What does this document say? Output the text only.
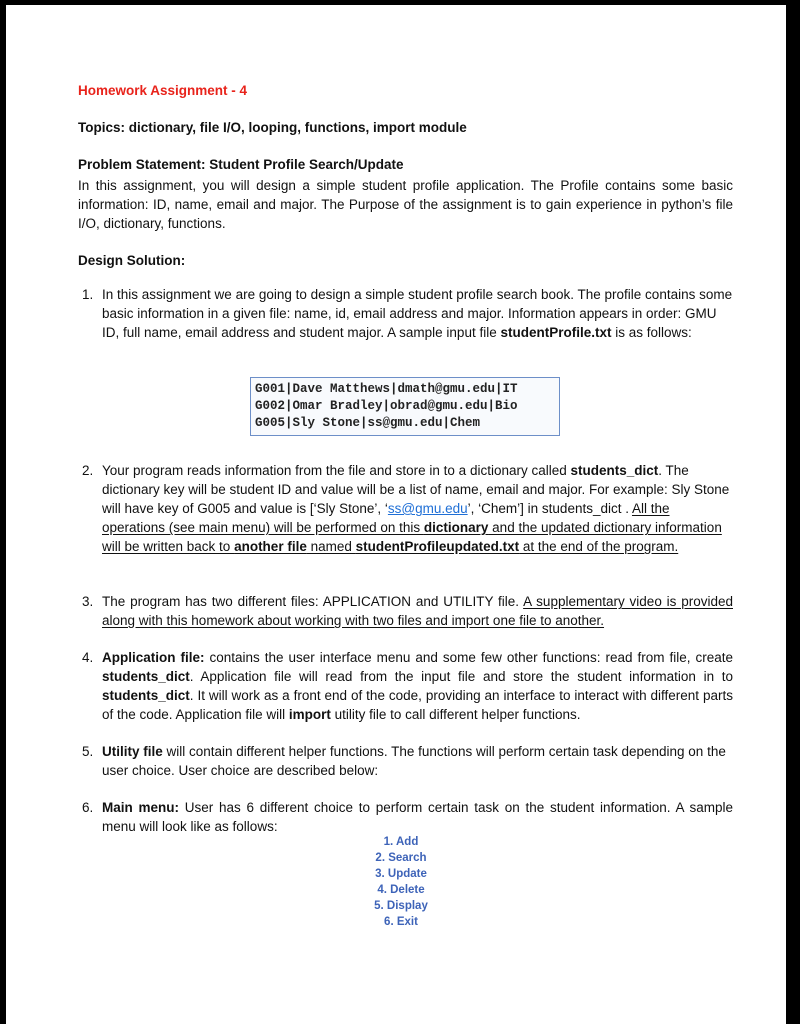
Homework Assignment - 4
Topics: dictionary, file I/O, looping, functions, import module
Problem Statement: Student Profile Search/Update
In this assignment, you will design a simple student profile application. The Profile contains some basic information: ID, name, email and major. The Purpose of the assignment is to gain experience in python’s file I/O, dictionary, functions.
Design Solution:
1. In this assignment we are going to design a simple student profile search book. The profile contains some basic information in a given file: name, id, email address and major. Information appears in order: GMU ID, full name, email address and student major. A sample input file studentProfile.txt is as follows:
G001|Dave Matthews|dmath@gmu.edu|IT
G002|Omar Bradley|obrad@gmu.edu|Bio
G005|Sly Stone|ss@gmu.edu|Chem
2. Your program reads information from the file and store in to a dictionary called students_dict. The dictionary key will be student ID and value will be a list of name, email and major. For example: Sly Stone will have key of G005 and value is [‘Sly Stone’, ‘ss@gmu.edu’, ‘Chem’] in students_dict . All the operations (see main menu) will be performed on this dictionary and the updated dictionary information will be written back to another file named studentProfileupdated.txt at the end of the program.
3. The program has two different files: APPLICATION and UTILITY file. A supplementary video is provided along with this homework about working with two files and import one file to another.
4. Application file: contains the user interface menu and some few other functions: read from file, create students_dict. Application file will read from the input file and store the student information in to students_dict. It will work as a front end of the code, providing an interface to interact with different parts of the code. Application file will import utility file to call different helper functions.
5. Utility file will contain different helper functions. The functions will perform certain task depending on the user choice. User choice are described below:
6. Main menu: User has 6 different choice to perform certain task on the student information. A sample menu will look like as follows:
1. Add
2. Search
3. Update
4. Delete
5. Display
6. Exit
